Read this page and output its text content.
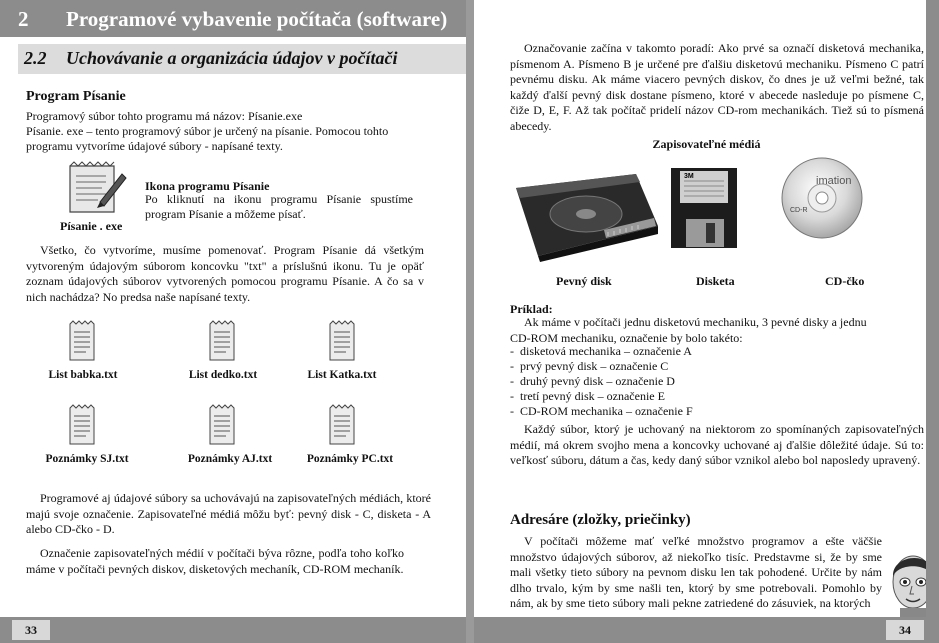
2 Programové vybavenie počítača (software)
2.2 Uchovávanie a organizácia údajov v počítači
Program Písanie
Programový súbor tohto programu má názov: Písanie.exe
Písanie. exe – tento programový súbor je určený na písanie. Pomocou tohto
programu vytvoríme údajové súbory - napísané texty.
Písanie . exe
Ikona programu Písanie
Po kliknutí na ikonu programu Písanie spustíme program Písanie a môžeme písať.
Všetko, čo vytvoríme, musíme pomenovať. Program Písanie dá všetkým vytvoreným údajovým súborom koncovku "txt" a príslušnú ikonu. Tu je opäť zoznam údajových súborov vytvorených pomocou programu Písanie. A čo sa v nich nachádza? No predsa naše napísané texty.
List babka.txt	List dedko.txt	List Katka.txt
Poznámky SJ.txt	Poznámky AJ.txt	Poznámky PC.txt
Programové aj údajové súbory sa uchovávajú na zapisovateľných médiách, ktoré majú svoje označenie. Zapisovateľné médiá môžu byť: pevný disk - C, disketa - A alebo CD-čko - D.
Označenie zapisovateľných médií v počítači býva rôzne, podľa toho koľko máme v počítači pevných diskov, disketových mechaník, CD-ROM mechaník.
33
Označovanie začína v takomto poradí: Ako prvé sa označí disketová mechanika, písmenom A. Písmeno B je určené pre ďalšiu disketovú mechaniku. Písmeno C patrí pevnému disku. Ak máme viacero pevných diskov, čo dnes je už veľmi bežné, tak každý ďalší pevný disk dostane písmeno, ktoré v abecede nasleduje po písmene C, čiže D, E, F. Až tak počítač pridelí názov CD-rom mechanikách. Tiež sú to písmená abecedy.
Zapisovateľné médiá
3M	imation
CD-R
Pevný disk	Disketa	CD-čko
Príklad:
Ak máme v počítači jednu disketovú mechaniku, 3 pevné disky a jednu CD-ROM mechaniku, označenie by bolo takéto:
-  disketová mechanika – označenie A
-  prvý pevný disk – označenie C
-  druhý pevný disk – označenie D
-  tretí pevný disk – označenie E
-  CD-ROM mechanika – označenie F
Každý súbor, ktorý je uchovaný na niektorom zo spomínaných zapisovateľných médií, má okrem svojho mena a koncovky uchované aj ďalšie dôležité údaje. Sú to: veľkosť súboru, dátum a čas, kedy daný súbor vznikol alebo bol naposledy upravený.
Adresáre (zložky, priečinky)
V počítači môžeme mať veľké množstvo programov a ešte väčšie množstvo údajových súborov, až niekoľko tisíc. Predstavme si, že by sme mali všetky tieto súbory na pevnom disku len tak pohodené. Určite by nám dlho trvalo, kým by sme našli ten, ktorý by sme potrebovali. Pomohlo by nám, ak by sme tieto súbory mali pekne zatriedené do zásuviek, na ktorých
34
